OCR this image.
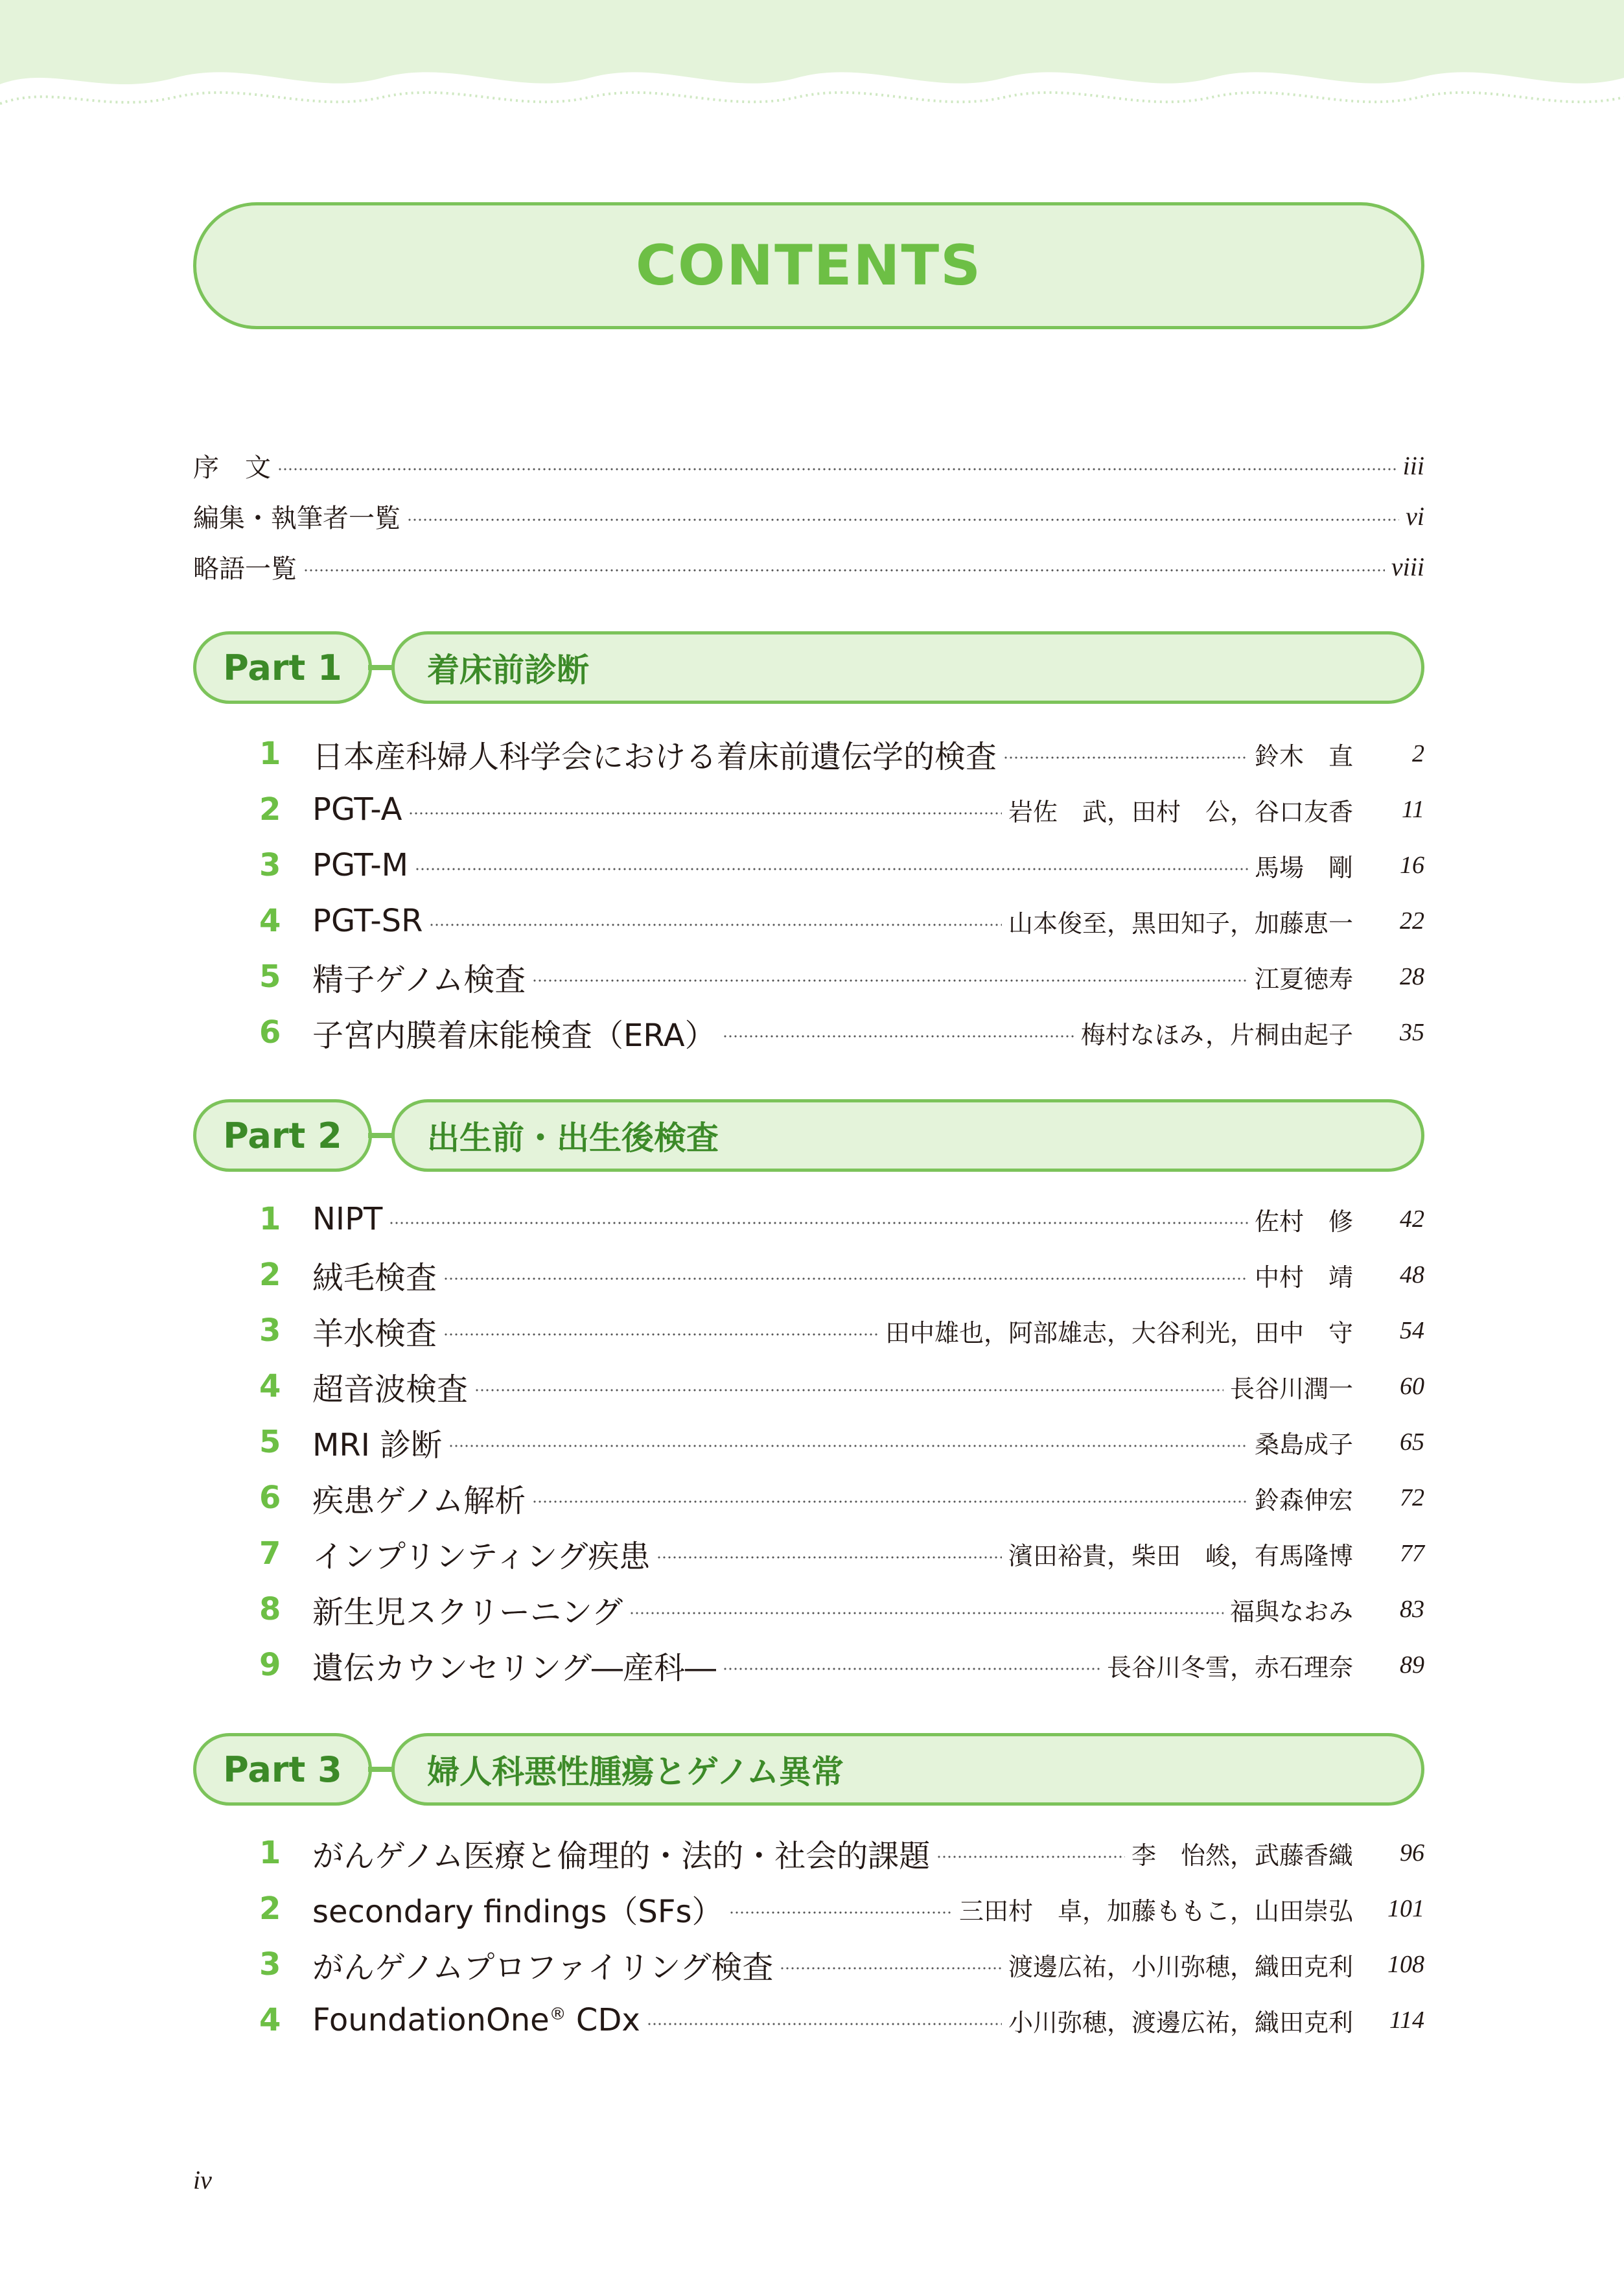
CONTENTS
序　文	iii
編集・執筆者一覧	vi
略語一覧	viii
Part 1	着床前診断
1	日本産科婦人科学会における着床前遺伝学的検査	鈴木　直	2
2	PGT-A	岩佐　武，田村　公，谷口友香	11
3	PGT-M	馬場　剛	16
4	PGT-SR	山本俊至，黒田知子，加藤恵一	22
5	精子ゲノム検査	江夏徳寿	28
6	子宮内膜着床能検査（ERA）	梅村なほみ，片桐由起子	35
Part 2	出生前・出生後検査
1	NIPT	佐村　修	42
2	絨毛検査	中村　靖	48
3	羊水検査	田中雄也，阿部雄志，大谷利光，田中　守	54
4	超音波検査	長谷川潤一	60
5	MRI 診断	桑島成子	65
6	疾患ゲノム解析	鈴森伸宏	72
7	インプリンティング疾患	濱田裕貴，柴田　峻，有馬隆博	77
8	新生児スクリーニング	福與なおみ	83
9	遺伝カウンセリング―産科―	長谷川冬雪，赤石理奈	89
Part 3	婦人科悪性腫瘍とゲノム異常
1	がんゲノム医療と倫理的・法的・社会的課題	李　怡然，武藤香織	96
2	secondary findings（SFs）	三田村　卓，加藤ももこ，山田崇弘	101
3	がんゲノムプロファイリング検査	渡邊広祐，小川弥穂，織田克利	108
4	FoundationOne® CDx	小川弥穂，渡邊広祐，織田克利	114
iv
